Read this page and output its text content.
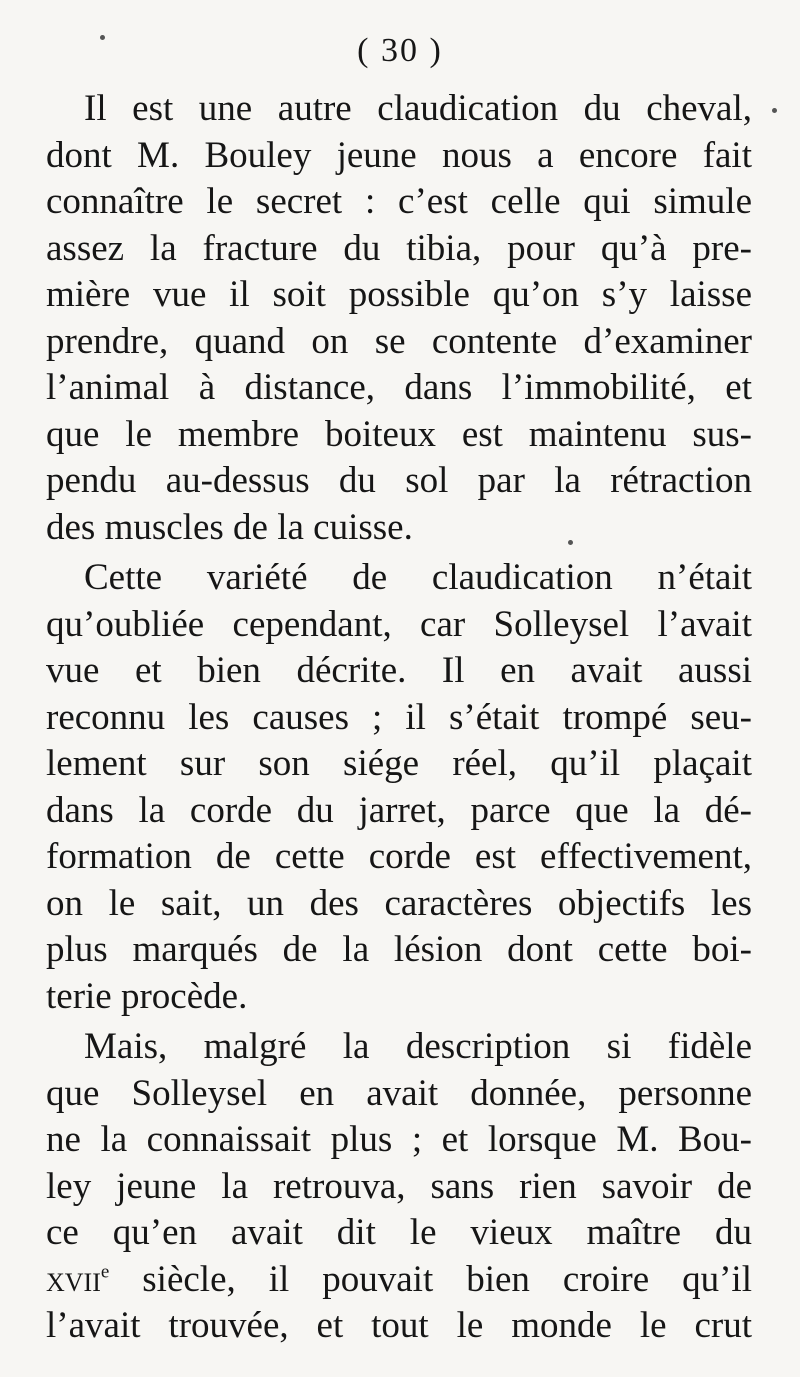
( 30 )
Il est une autre claudication du cheval,
dont M. Bouley jeune nous a encore fait
connaître le secret : c’est celle qui simule
assez la fracture du tibia, pour qu’à pre-
mière vue il soit possible qu’on s’y laisse
prendre, quand on se contente d’examiner
l’animal à distance, dans l’immobilité, et
que le membre boiteux est maintenu sus-
pendu au-dessus du sol par la rétraction
des muscles de la cuisse.
Cette variété de claudication n’était
qu’oubliée cependant, car Solleysel l’avait
vue et bien décrite. Il en avait aussi
reconnu les causes ; il s’était trompé seu-
lement sur son siége réel, qu’il plaçait
dans la corde du jarret, parce que la dé-
formation de cette corde est effectivement,
on le sait, un des caractères objectifs les
plus marqués de la lésion dont cette boi-
terie procède.
Mais, malgré la description si fidèle
que Solleysel en avait donnée, personne
ne la connaissait plus ; et lorsque M. Bou-
ley jeune la retrouva, sans rien savoir de
ce qu’en avait dit le vieux maître du
xvii$^e$ siècle, il pouvait bien croire qu’il
l’avait trouvée, et tout le monde le crut
